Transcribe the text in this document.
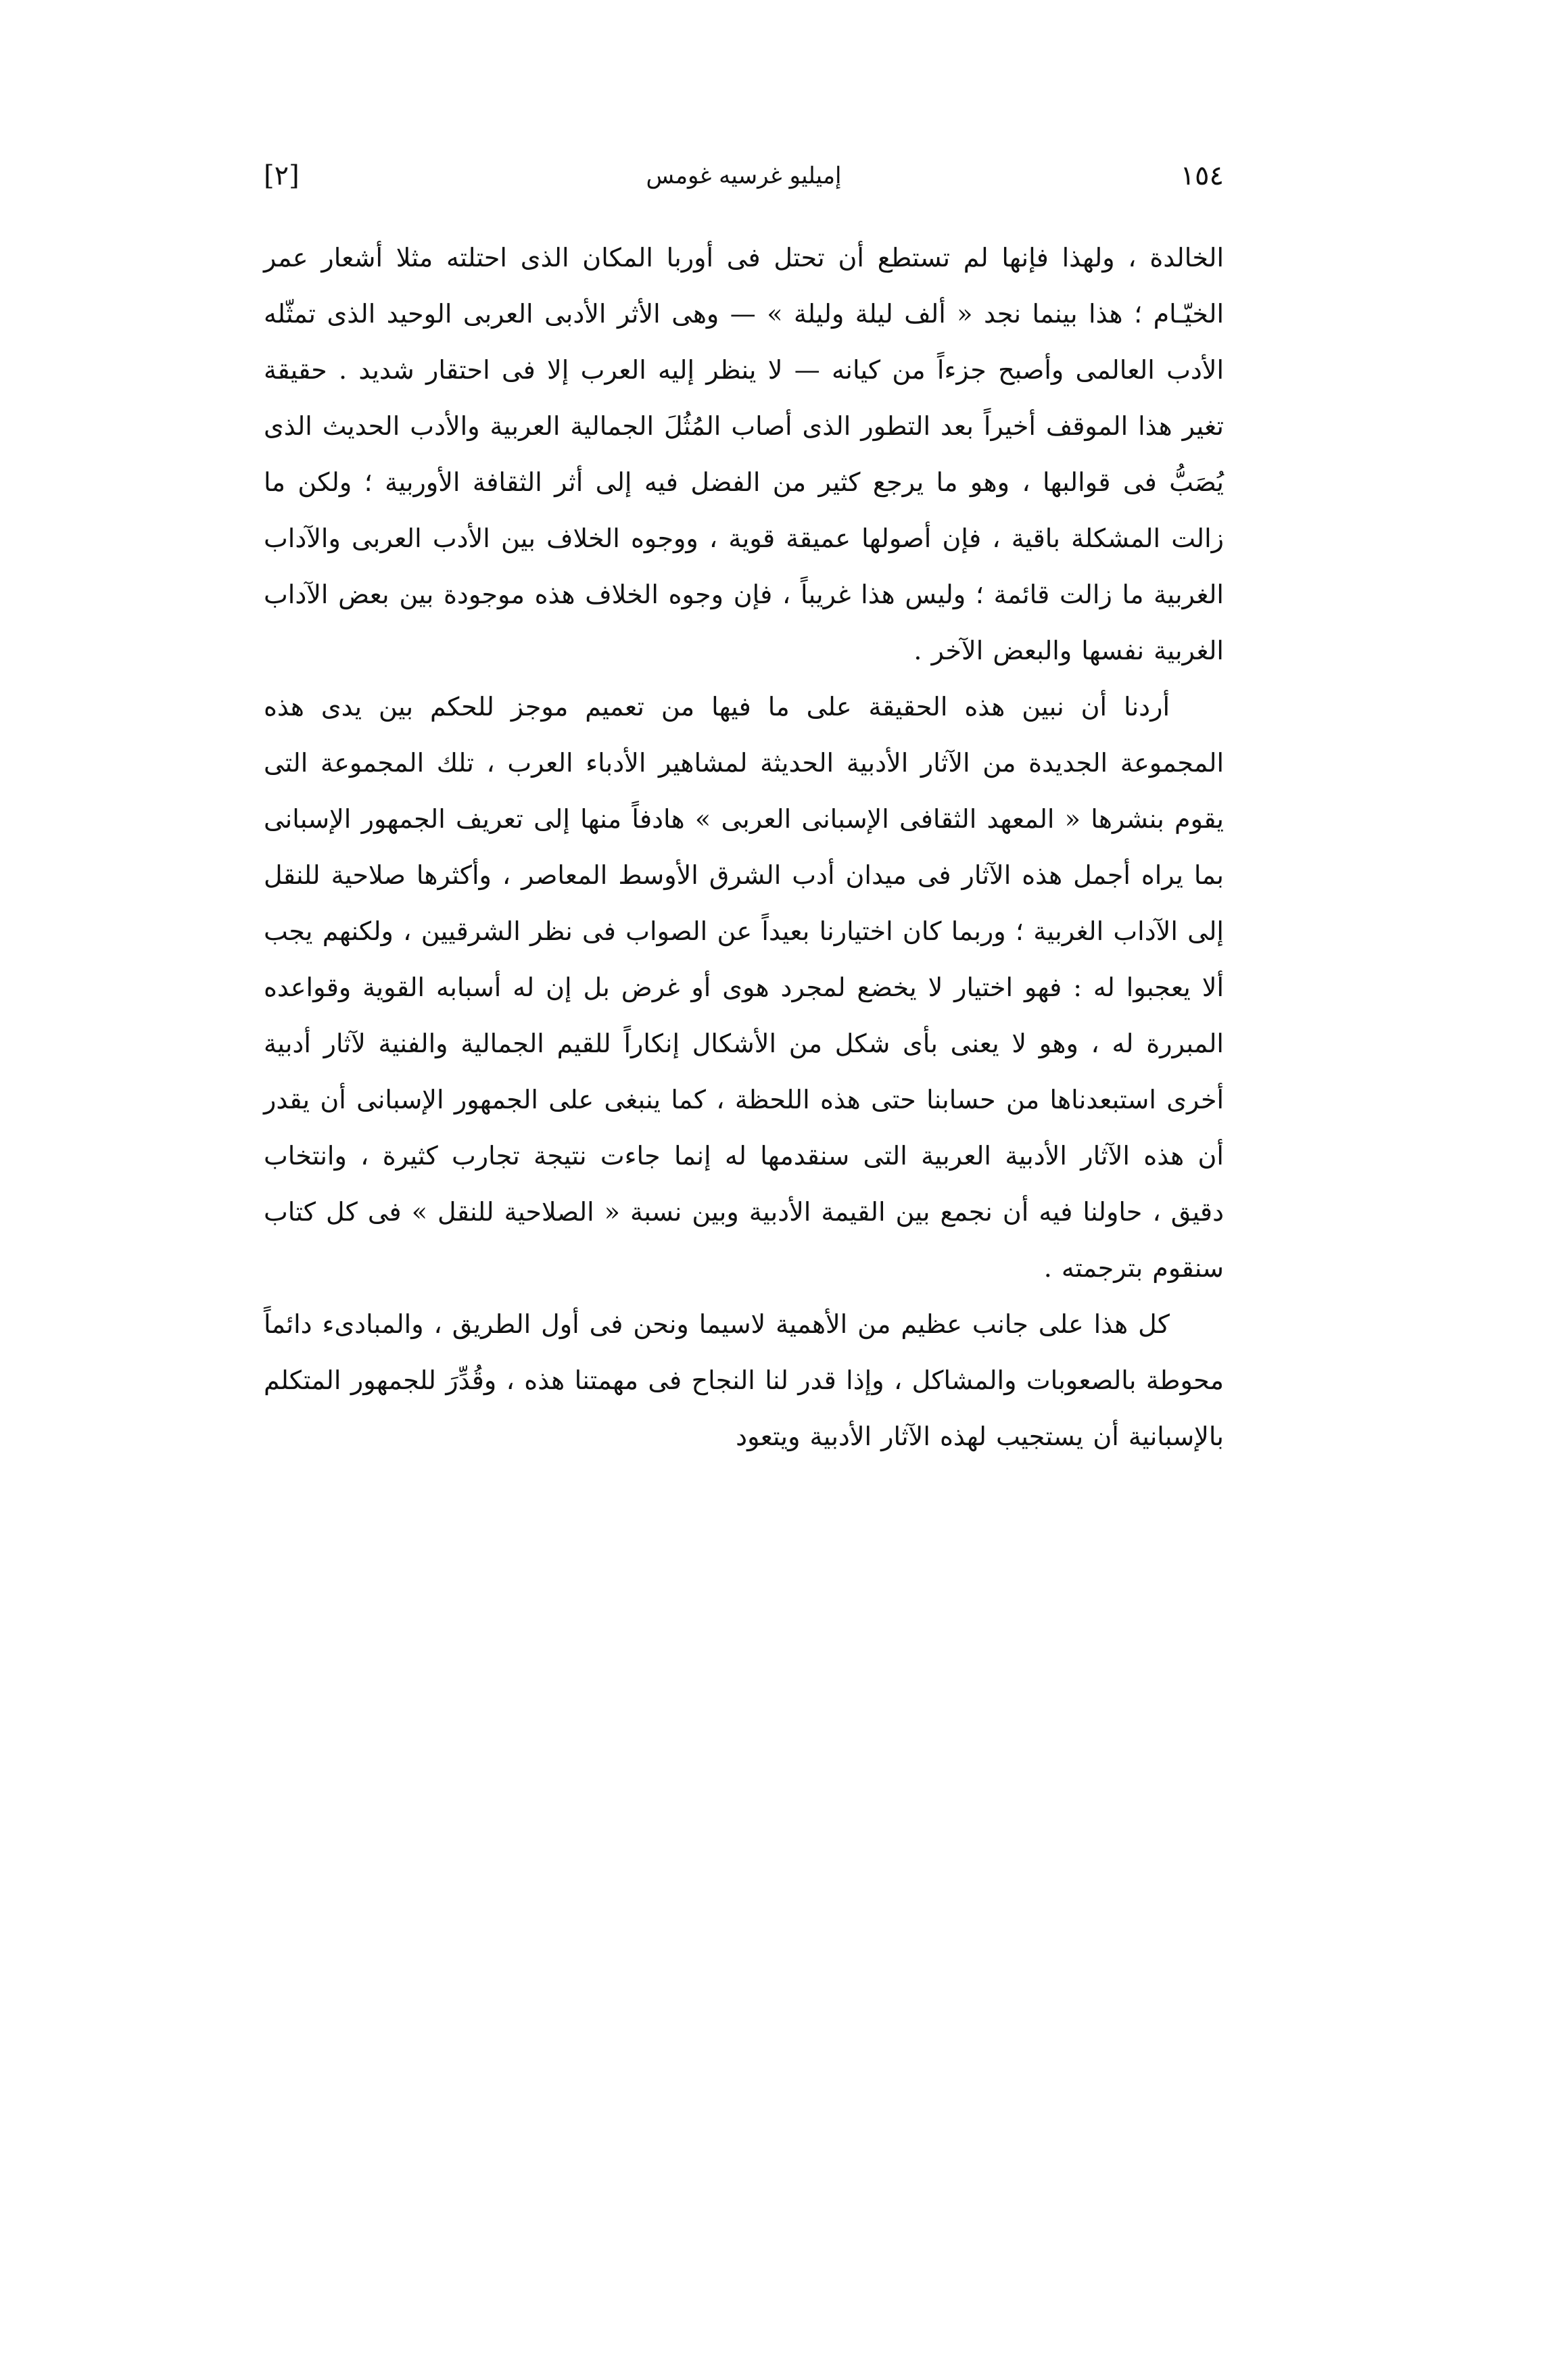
١٥٤
إميليو غرسيه غومس
[٢]

الخالدة ، ولهذا فإنها لم تستطع أن تحتل فى أوربا المكان الذى احتلته مثلا أشعار عمر الخيّـام ؛ هذا بينما نجد « ألف ليلة وليلة » — وهى الأثر الأدبى العربى الوحيد الذى تمثّله الأدب العالمى وأصبح جزءاً من كيانه — لا ينظر إليه العرب إلا فى احتقار شديد . حقيقة تغير هذا الموقف أخيراً بعد التطور الذى أصاب المُثُلَ الجمالية العربية والأدب الحديث الذى يُصَبُّ فى قوالبها ، وهو ما يرجع كثير من الفضل فيه إلى أثر الثقافة الأوربية ؛ ولكن ما زالت المشكلة باقية ، فإن أصولها عميقة قوية ، ووجوه الخلاف بين الأدب العربى والآداب الغربية ما زالت قائمة ؛ وليس هذا غريباً ، فإن وجوه الخلاف هذه موجودة بين بعض الآداب الغربية نفسها والبعض الآخر .

أردنا أن نبين هذه الحقيقة على ما فيها من تعميم موجز للحكم بين يدى هذه المجموعة الجديدة من الآثار الأدبية الحديثة لمشاهير الأدباء العرب ، تلك المجموعة التى يقوم بنشرها « المعهد الثقافى الإسبانى العربى » هادفاً منها إلى تعريف الجمهور الإسبانى بما يراه أجمل هذه الآثار فى ميدان أدب الشرق الأوسط المعاصر ، وأكثرها صلاحية للنقل إلى الآداب الغربية ؛ وربما كان اختيارنا بعيداً عن الصواب فى نظر الشرقيين ، ولكنهم يجب ألا يعجبوا له : فهو اختيار لا يخضع لمجرد هوى أو غرض بل إن له أسبابه القوية وقواعده المبررة له ، وهو لا يعنى بأى شكل من الأشكال إنكاراً للقيم الجمالية والفنية لآثار أدبية أخرى استبعدناها من حسابنا حتى هذه اللحظة ، كما ينبغى على الجمهور الإسبانى أن يقدر أن هذه الآثار الأدبية العربية التى سنقدمها له إنما جاءت نتيجة تجارب كثيرة ، وانتخاب دقيق ، حاولنا فيه أن نجمع بين القيمة الأدبية وبين نسبة « الصلاحية للنقل » فى كل كتاب سنقوم بترجمته .

كل هذا على جانب عظيم من الأهمية لاسيما ونحن فى أول الطريق ، والمبادىء دائماً محوطة بالصعوبات والمشاكل ، وإذا قدر لنا النجاح فى مهمتنا هذه ، وقُدِّرَ للجمهور المتكلم بالإسبانية أن يستجيب لهذه الآثار الأدبية ويتعود
